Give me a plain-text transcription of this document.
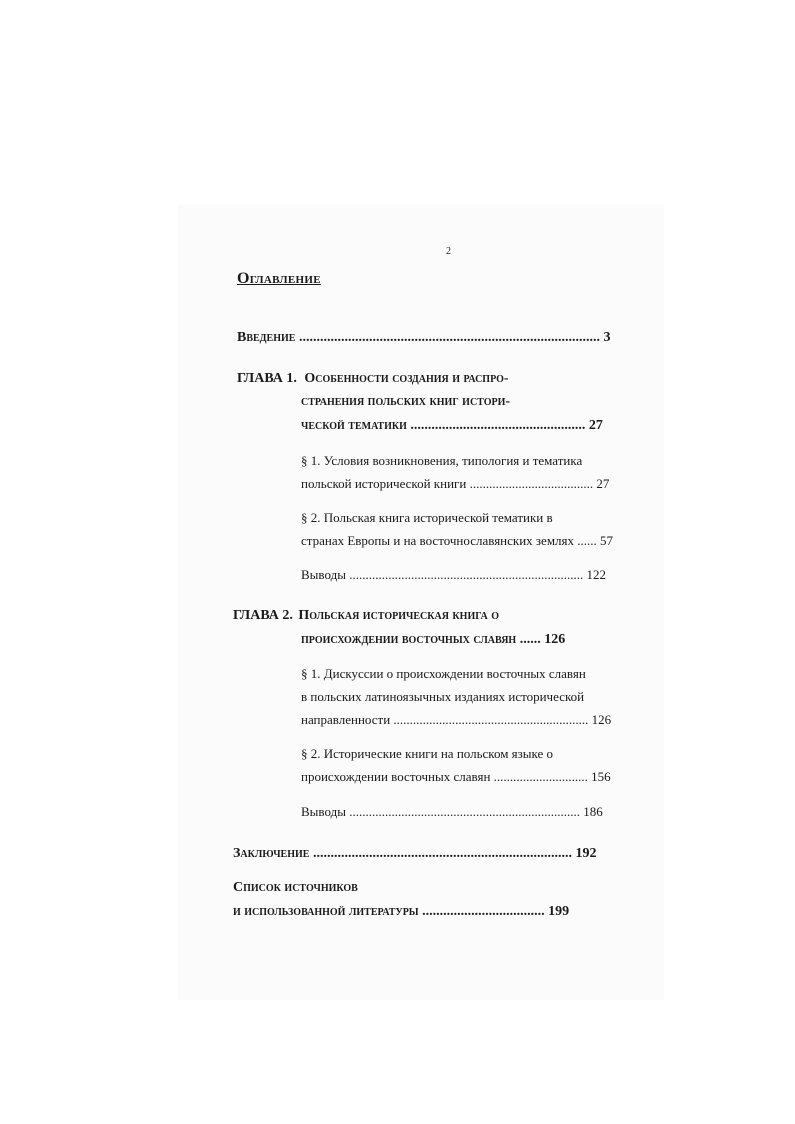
2
Оглавление
Введение ...................................................................................... 3
ГЛАВА 1. Особенности создания и распро-
странения польских книг истори-
ческой тематики .................................................. 27
§ 1. Условия возникновения, типология и тематика
польской исторической книги ...................................... 27
§ 2. Польская книга исторической тематики в
странах Европы и на восточнославянских землях ...... 57
Выводы ........................................................................ 122
ГЛАВА 2. Польская историческая книга о
происхождении восточных славян ...... 126
§ 1. Дискуссии о происхождении восточных славян
в польских латиноязычных изданиях исторической
направленности ............................................................ 126
§ 2. Исторические книги на польском языке о
происхождении восточных славян ............................. 156
Выводы ....................................................................... 186
Заключение .......................................................................... 192
Список источников
и использованной литературы ................................... 199
